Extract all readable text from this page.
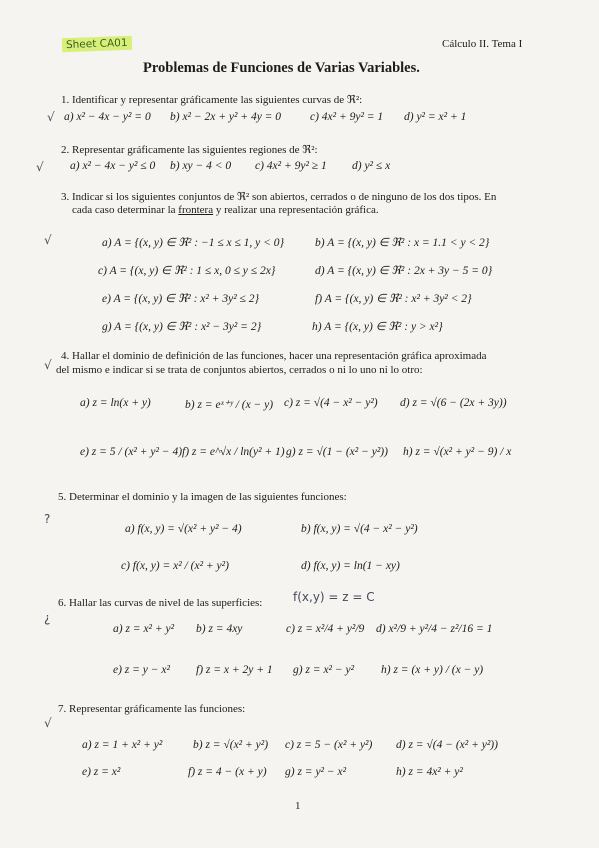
Sheet CA01	Cálculo II. Tema I
Problemas de Funciones de Varias Variables.
1. Identificar y representar gráficamente las siguientes curvas de ℜ²:
√ a) x² − 4x − y² = 0 b) x² − 2x + y² + 4y = 0	c) 4x² + 9y² = 1 d) y² = x² + 1
2. Representar gráficamente las siguientes regiones de ℜ²:
√ a) x² − 4x − y² ≤ 0 b) xy − 4 < 0 c) 4x² + 9y² ≥ 1 d) y² ≤ x
3. Indicar si los siguientes conjuntos de ℜ² son abiertos, cerrados o de ninguno de los dos tipos. En
cada caso determinar la frontera y realizar una representación gráfica.
√	a) A = {(x, y) ∈ ℜ² : −1 ≤ x ≤ 1, y < 0}	b) A = {(x, y) ∈ ℜ² : x = 1.1 < y < 2}
c) A = {(x, y) ∈ ℜ² : 1 ≤ x, 0 ≤ y ≤ 2x}	d) A = {(x, y) ∈ ℜ² : 2x + 3y − 5 = 0}
e) A = {(x, y) ∈ ℜ² : x² + 3y² ≤ 2}	f) A = {(x, y) ∈ ℜ² : x² + 3y² < 2}
g) A = {(x, y) ∈ ℜ² : x² − 3y² = 2}	h) A = {(x, y) ∈ ℜ² : y > x²}
4. Hallar el dominio de definición de las funciones, hacer una representación gráfica aproximada
del mismo e indicar si se trata de conjuntos abiertos, cerrados o ni lo uno ni lo otro:
√
a) z = ln(x + y)	b) z = eˣ⁺ʸ / (x − y) c) z = √(4 − x² − y²) d) z = √(6 − (2x + 3y))
e) z = 5 / (x² + y² − 4) f) z = e^√x / ln(y² + 1) g) z = √(1 − (x² − y²)) h) z = √(x² + y² − 9) / x
5. Determinar el dominio y la imagen de las siguientes funciones:
?
a) f(x, y) = √(x² + y² − 4)	b) f(x, y) = √(4 − x² − y²)
c) f(x, y) = x² / (x² + y²)	d) f(x, y) = ln(1 − xy)
6. Hallar las curvas de nivel de las superficies:	f(x,y) = z = C
¿
a) z = x² + y² b) z = 4xy	c) z = x²/4 + y²/9 d) x²/9 + y²/4 − z²/16 = 1
e) z = y − x² f) z = x + 2y + 1 g) z = x² − y² h) z = (x + y) / (x − y)
7. Representar gráficamente las funciones:
√
a) z = 1 + x² + y²	b) z = √(x² + y²) c) z = 5 − (x² + y²) d) z = √(4 − (x² + y²))
e) z = x²	f) z = 4 − (x + y) g) z = y² − x²	h) z = 4x² + y²
1
